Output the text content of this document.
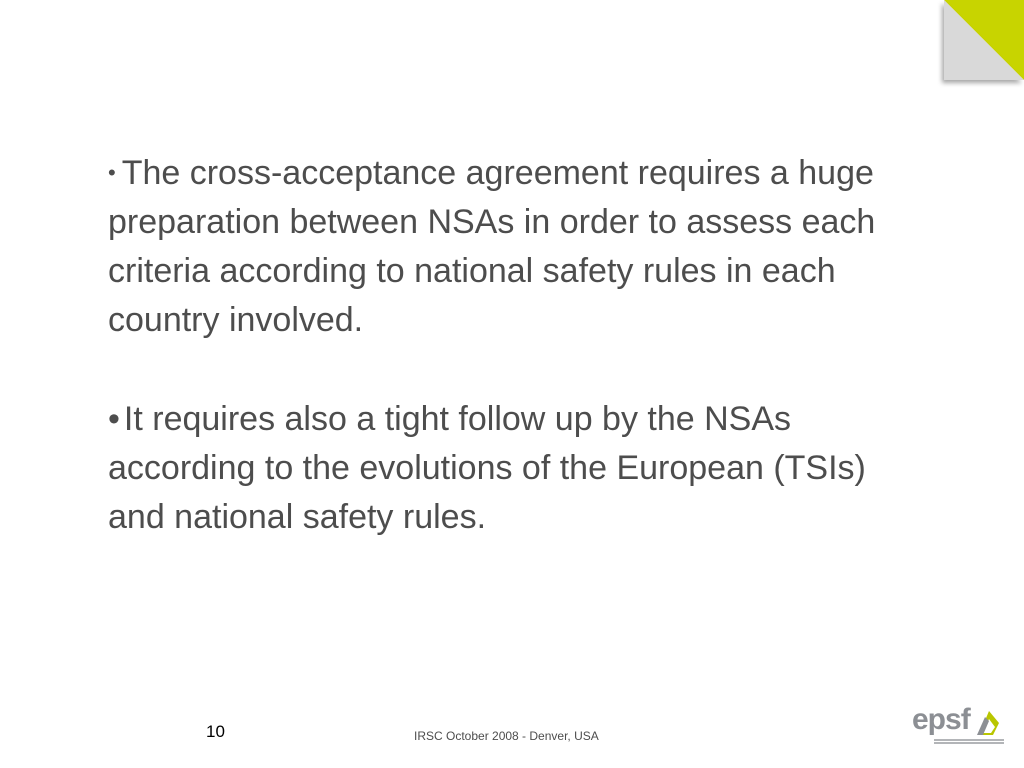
• The cross-acceptance agreement requires a huge preparation between NSAs in order to assess each criteria according to national safety rules in each country involved.

• It requires also a tight follow up by the NSAs according to the evolutions of the European (TSIs) and national safety rules.

10	IRSC October 2008 - Denver, USA	epsf
